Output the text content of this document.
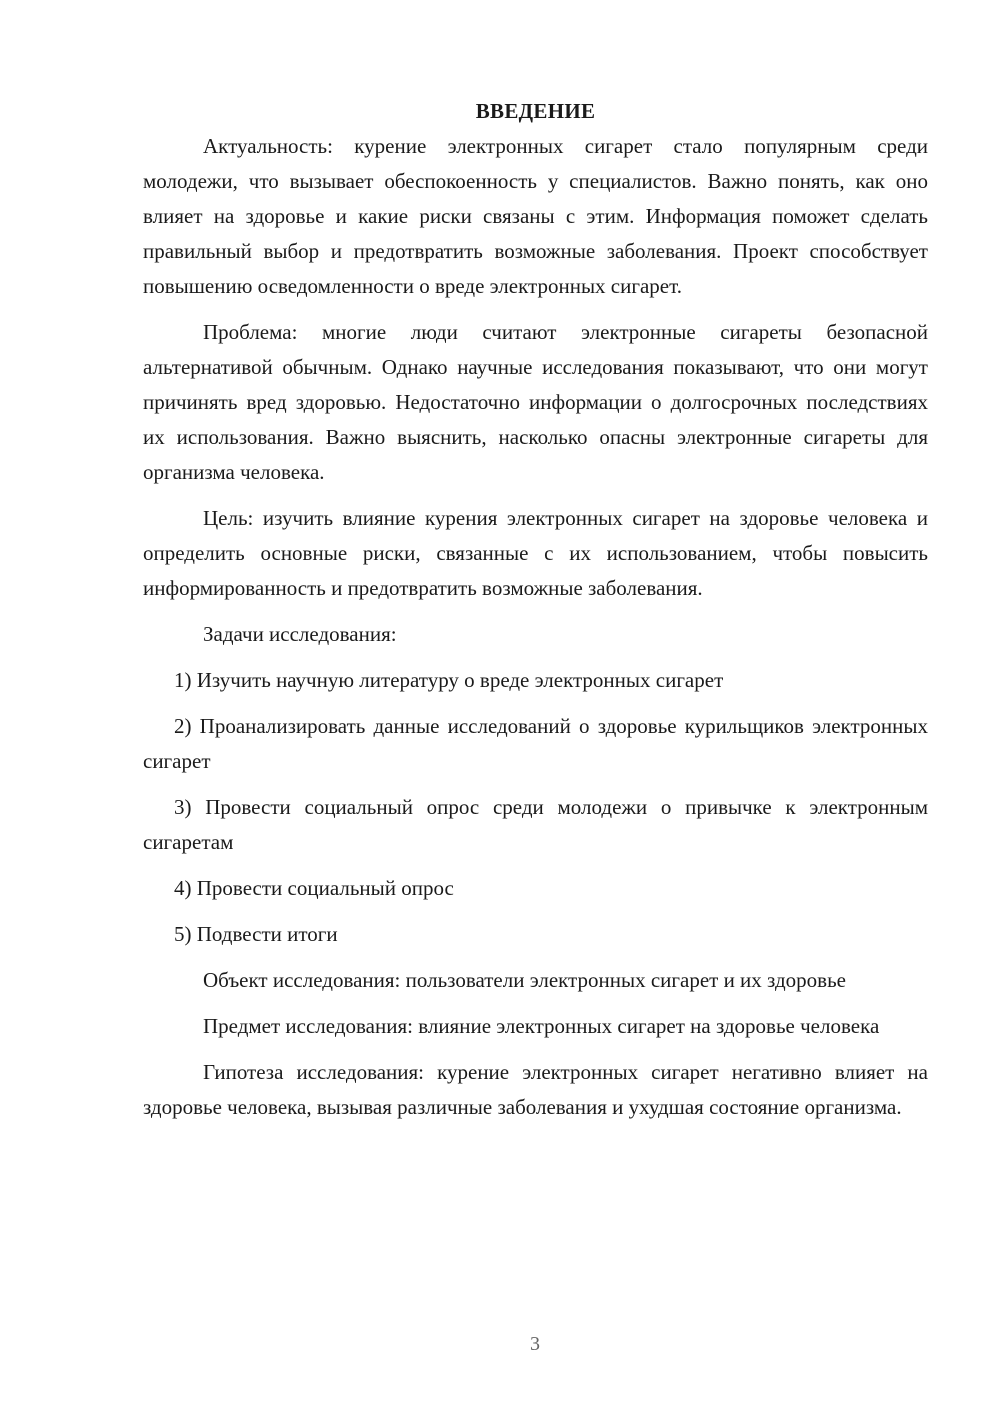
ВВЕДЕНИЕ

Актуальность: курение электронных сигарет стало популярным среди молодежи, что вызывает обеспокоенность у специалистов. Важно понять, как оно влияет на здоровье и какие риски связаны с этим. Информация поможет сделать правильный выбор и предотвратить возможные заболевания. Проект способствует повышению осведомленности о вреде электронных сигарет.

Проблема: многие люди считают электронные сигареты безопасной альтернативой обычным. Однако научные исследования показывают, что они могут причинять вред здоровью. Недостаточно информации о долгосрочных последствиях их использования. Важно выяснить, насколько опасны электронные сигареты для организма человека.

Цель: изучить влияние курения электронных сигарет на здоровье человека и определить основные риски, связанные с их использованием, чтобы повысить информированность и предотвратить возможные заболевания.

Задачи исследования:

1) Изучить научную литературу о вреде электронных сигарет

2) Проанализировать данные исследований о здоровье курильщиков электронных сигарет

3) Провести социальный опрос среди молодежи о привычке к электронным сигаретам

4) Провести социальный опрос

5) Подвести итоги

Объект исследования: пользователи электронных сигарет и их здоровье

Предмет исследования: влияние электронных сигарет на здоровье человека

Гипотеза исследования: курение электронных сигарет негативно влияет на здоровье человека, вызывая различные заболевания и ухудшая состояние организма.

3
